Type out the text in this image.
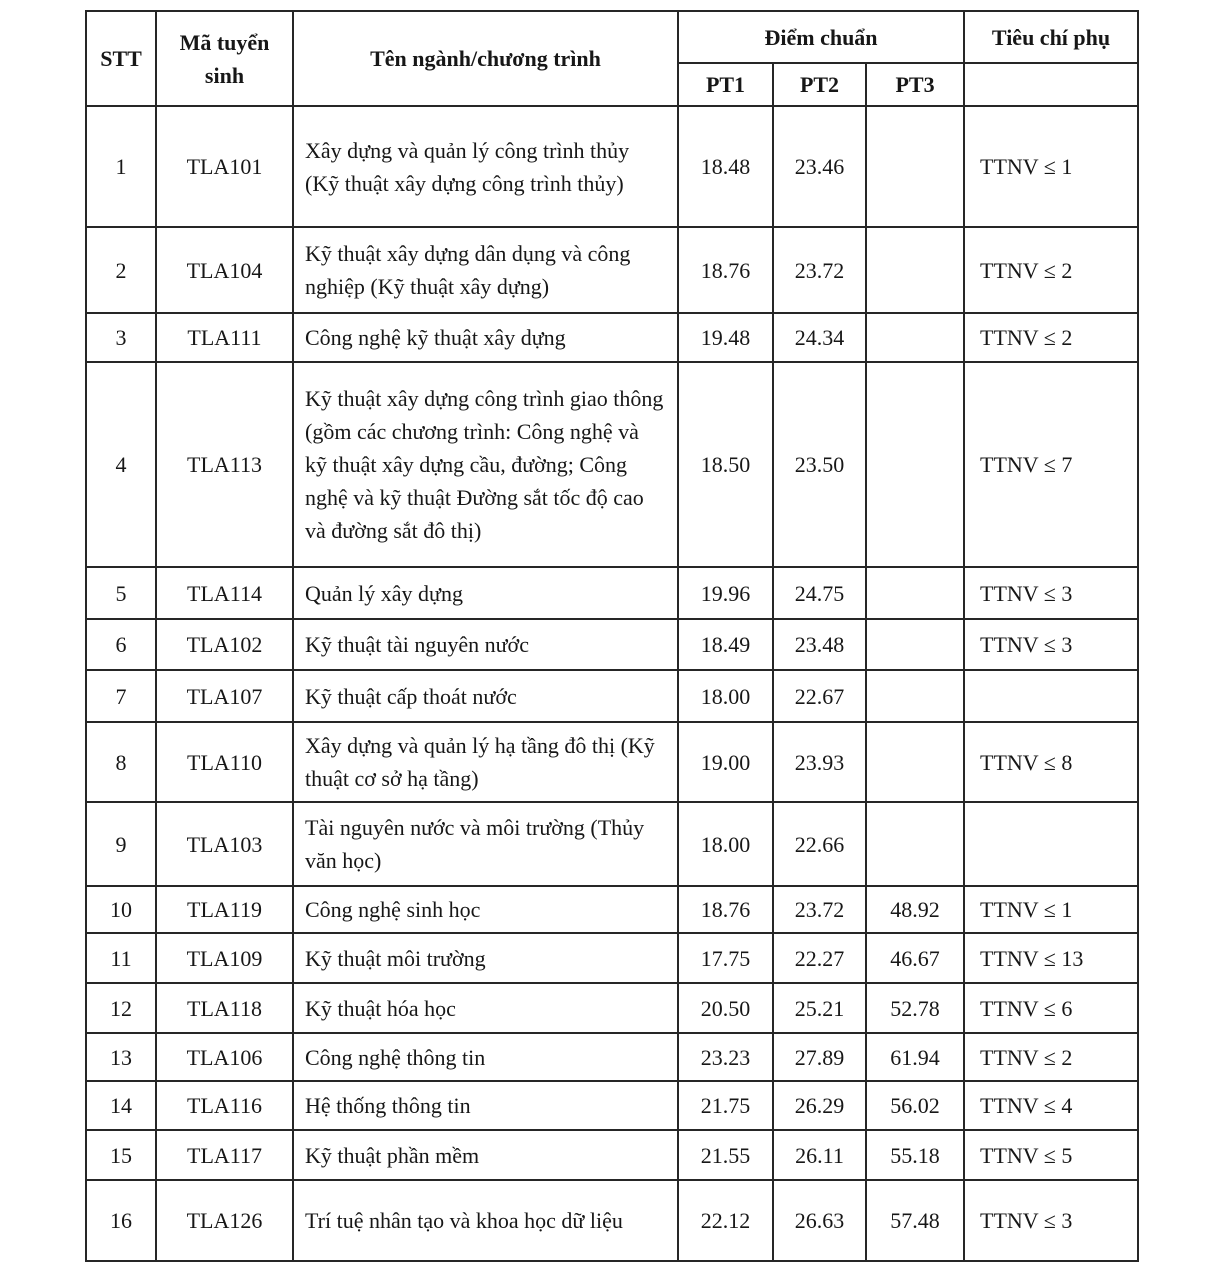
STT	Mã tuyển sinh	Tên ngành/chương trình	Điểm chuẩn			Tiêu chí phụ
			PT1	PT2	PT3	
1	TLA101	Xây dựng và quản lý công trình thủy (Kỹ thuật xây dựng công trình thủy)	18.48	23.46		TTNV ≤ 1
2	TLA104	Kỹ thuật xây dựng dân dụng và công nghiệp (Kỹ thuật xây dựng)	18.76	23.72		TTNV ≤ 2
3	TLA111	Công nghệ kỹ thuật xây dựng	19.48	24.34		TTNV ≤ 2
4	TLA113	Kỹ thuật xây dựng công trình giao thông (gồm các chương trình: Công nghệ và kỹ thuật xây dựng cầu, đường; Công nghệ và kỹ thuật Đường sắt tốc độ cao và đường sắt đô thị)	18.50	23.50		TTNV ≤ 7
5	TLA114	Quản lý xây dựng	19.96	24.75		TTNV ≤ 3
6	TLA102	Kỹ thuật tài nguyên nước	18.49	23.48		TTNV ≤ 3
7	TLA107	Kỹ thuật cấp thoát nước	18.00	22.67		
8	TLA110	Xây dựng và quản lý hạ tầng đô thị (Kỹ thuật cơ sở hạ tầng)	19.00	23.93		TTNV ≤ 8
9	TLA103	Tài nguyên nước và môi trường (Thủy văn học)	18.00	22.66		
10	TLA119	Công nghệ sinh học	18.76	23.72	48.92	TTNV ≤ 1
11	TLA109	Kỹ thuật môi trường	17.75	22.27	46.67	TTNV ≤ 13
12	TLA118	Kỹ thuật hóa học	20.50	25.21	52.78	TTNV ≤ 6
13	TLA106	Công nghệ thông tin	23.23	27.89	61.94	TTNV ≤ 2
14	TLA116	Hệ thống thông tin	21.75	26.29	56.02	TTNV ≤ 4
15	TLA117	Kỹ thuật phần mềm	21.55	26.11	55.18	TTNV ≤ 5
16	TLA126	Trí tuệ nhân tạo và khoa học dữ liệu	22.12	26.63	57.48	TTNV ≤ 3
